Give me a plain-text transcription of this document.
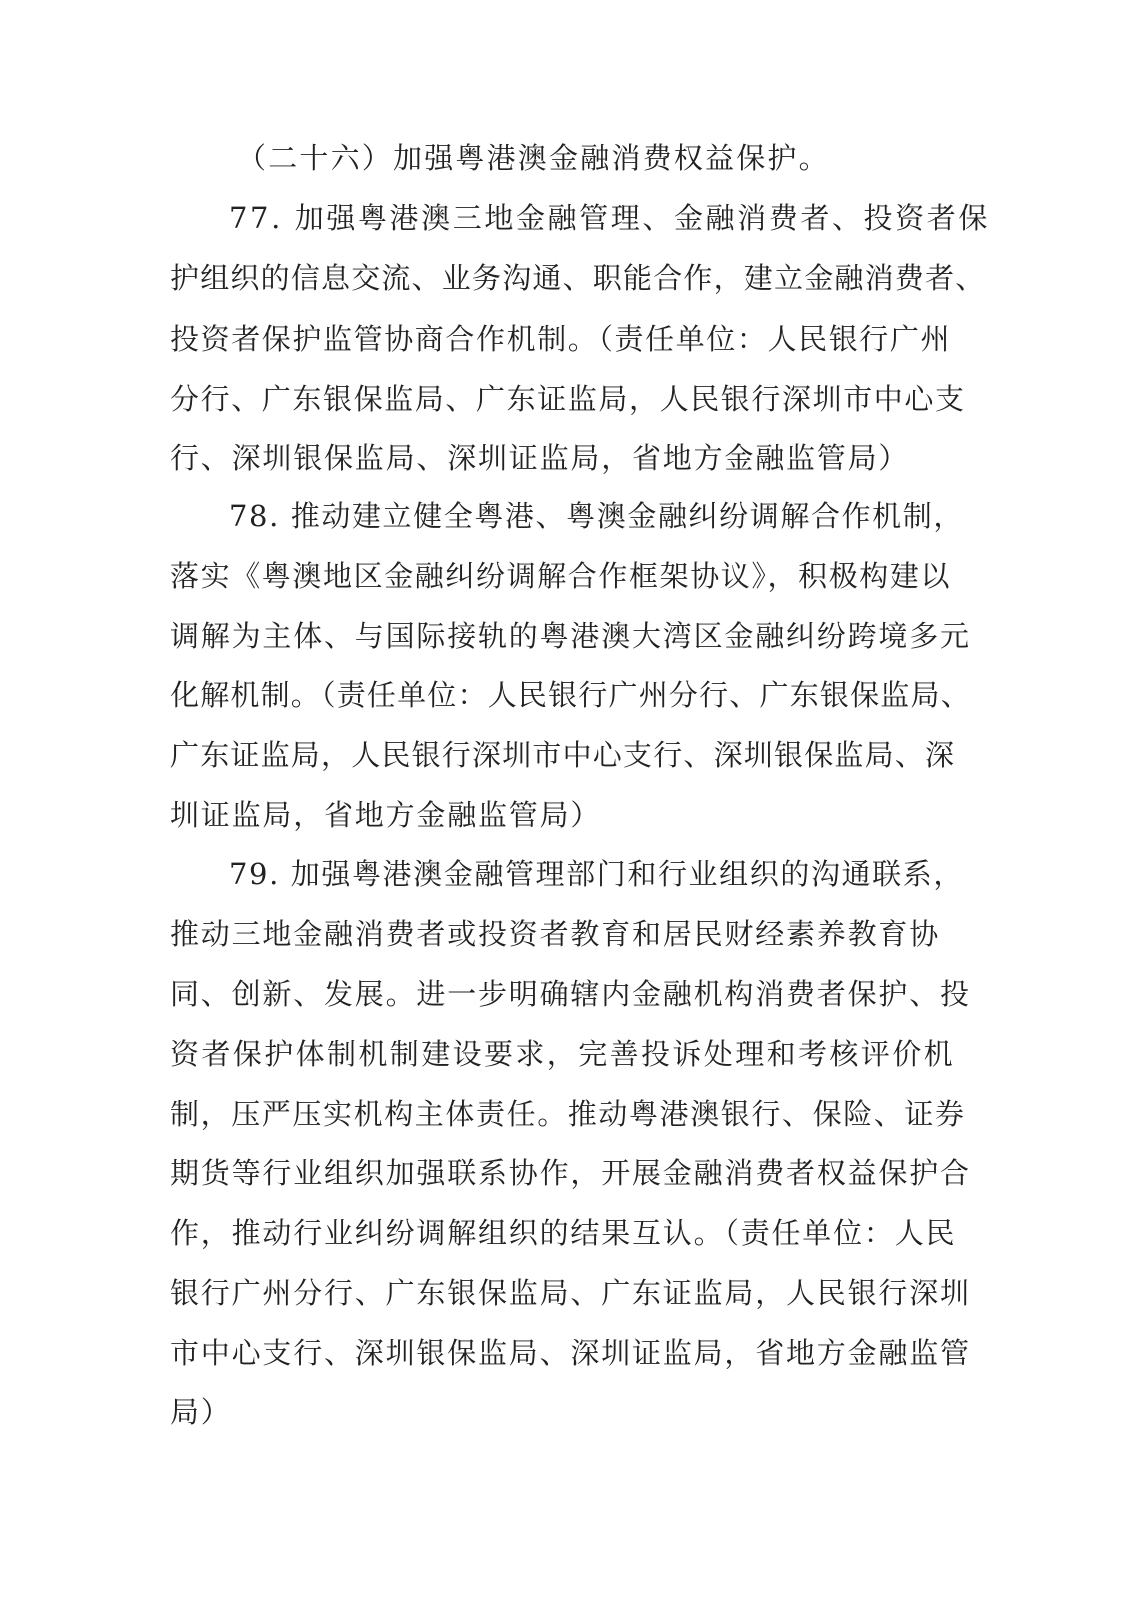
（二十六）加强粤港澳金融消费权益保护。
77. 加强粤港澳三地金融管理、金融消费者、投资者保
护组织的信息交流、业务沟通、职能合作，建立金融消费者、
投资者保护监管协商合作机制。（责任单位：人民银行广州
分行、广东银保监局、广东证监局，人民银行深圳市中心支
行、深圳银保监局、深圳证监局，省地方金融监管局）
78. 推动建立健全粤港、粤澳金融纠纷调解合作机制，
落实《粤澳地区金融纠纷调解合作框架协议》，积极构建以
调解为主体、与国际接轨的粤港澳大湾区金融纠纷跨境多元
化解机制。（责任单位：人民银行广州分行、广东银保监局、
广东证监局，人民银行深圳市中心支行、深圳银保监局、深
圳证监局，省地方金融监管局）
79. 加强粤港澳金融管理部门和行业组织的沟通联系，
推动三地金融消费者或投资者教育和居民财经素养教育协
同、创新、发展。进一步明确辖内金融机构消费者保护、投
资者保护体制机制建设要求，完善投诉处理和考核评价机
制，压严压实机构主体责任。推动粤港澳银行、保险、证券
期货等行业组织加强联系协作，开展金融消费者权益保护合
作，推动行业纠纷调解组织的结果互认。（责任单位：人民
银行广州分行、广东银保监局、广东证监局，人民银行深圳
市中心支行、深圳银保监局、深圳证监局，省地方金融监管
局）
